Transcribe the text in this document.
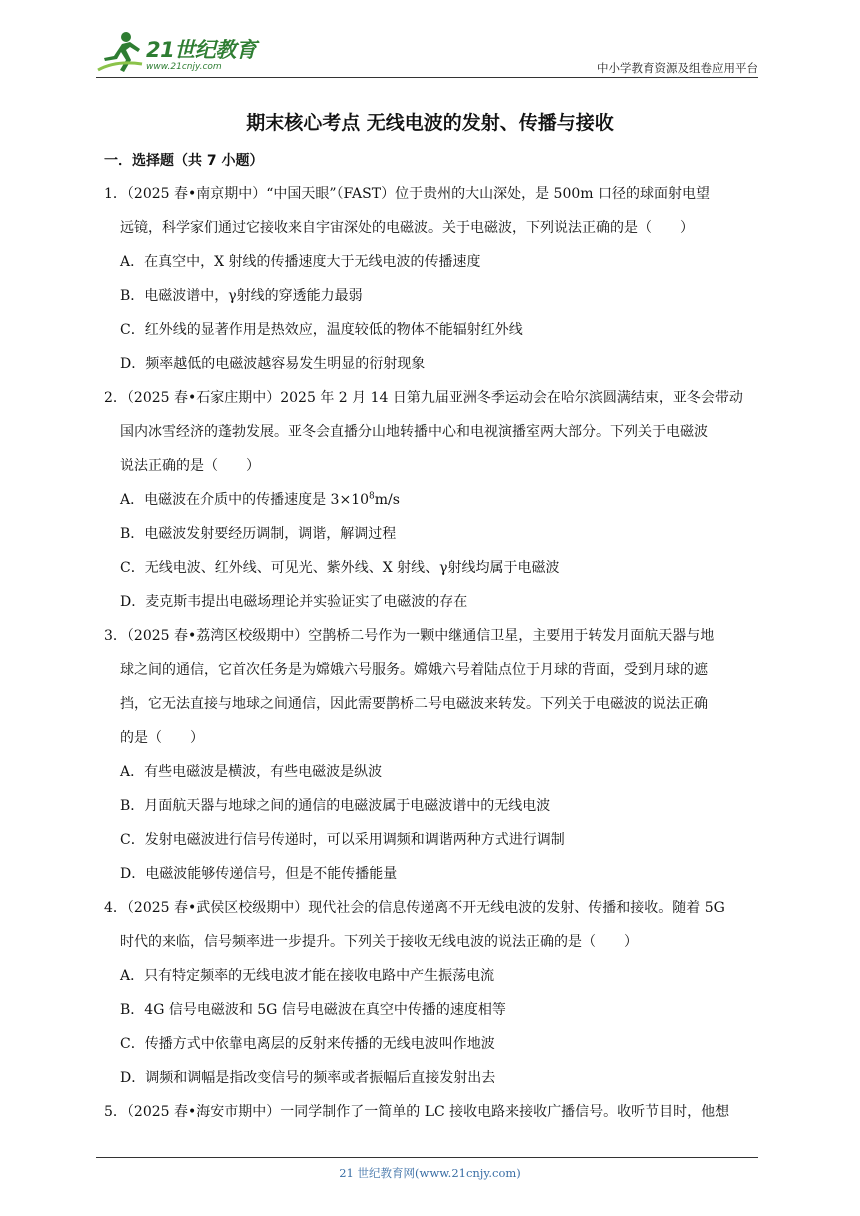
21世纪教育
www.21cnjy.com	中小学教育资源及组卷应用平台
期末核心考点 无线电波的发射、传播与接收
一．选择题（共 7 小题）
1．（2025 春•南京期中）“中国天眼”（FAST）位于贵州的大山深处，是 500m 口径的球面射电望
远镜，科学家们通过它接收来自宇宙深处的电磁波。关于电磁波，下列说法正确的是（　　）
A．在真空中，X 射线的传播速度大于无线电波的传播速度
B．电磁波谱中，γ射线的穿透能力最弱
C．红外线的显著作用是热效应，温度较低的物体不能辐射红外线
D．频率越低的电磁波越容易发生明显的衍射现象
2．（2025 春•石家庄期中）2025 年 2 月 14 日第九届亚洲冬季运动会在哈尔滨圆满结束，亚冬会带动
国内冰雪经济的蓬勃发展。亚冬会直播分山地转播中心和电视演播室两大部分。下列关于电磁波
说法正确的是（　　）
A．电磁波在介质中的传播速度是 $3\times 10^8m/s$
B．电磁波发射要经历调制，调谐，解调过程
C．无线电波、红外线、可见光、紫外线、X 射线、γ射线均属于电磁波
D．麦克斯韦提出电磁场理论并实验证实了电磁波的存在
3．（2025 春•荔湾区校级期中）空鹊桥二号作为一颗中继通信卫星，主要用于转发月面航天器与地
球之间的通信，它首次任务是为嫦娥六号服务。嫦娥六号着陆点位于月球的背面，受到月球的遮
挡，它无法直接与地球之间通信，因此需要鹊桥二号电磁波来转发。下列关于电磁波的说法正确
的是（　　）
A．有些电磁波是横波，有些电磁波是纵波
B．月面航天器与地球之间的通信的电磁波属于电磁波谱中的无线电波
C．发射电磁波进行信号传递时，可以采用调频和调谐两种方式进行调制
D．电磁波能够传递信号，但是不能传播能量
4．（2025 春•武侯区校级期中）现代社会的信息传递离不开无线电波的发射、传播和接收。随着 5G
时代的来临，信号频率进一步提升。下列关于接收无线电波的说法正确的是（　　）
A．只有特定频率的无线电波才能在接收电路中产生振荡电流
B．4G 信号电磁波和 5G 信号电磁波在真空中传播的速度相等
C．传播方式中依靠电离层的反射来传播的无线电波叫作地波
D．调频和调幅是指改变信号的频率或者振幅后直接发射出去
5．（2025 春•海安市期中）一同学制作了一简单的 LC 接收电路来接收广播信号。收听节目时，他想
21 世纪教育网(www.21cnjy.com)
